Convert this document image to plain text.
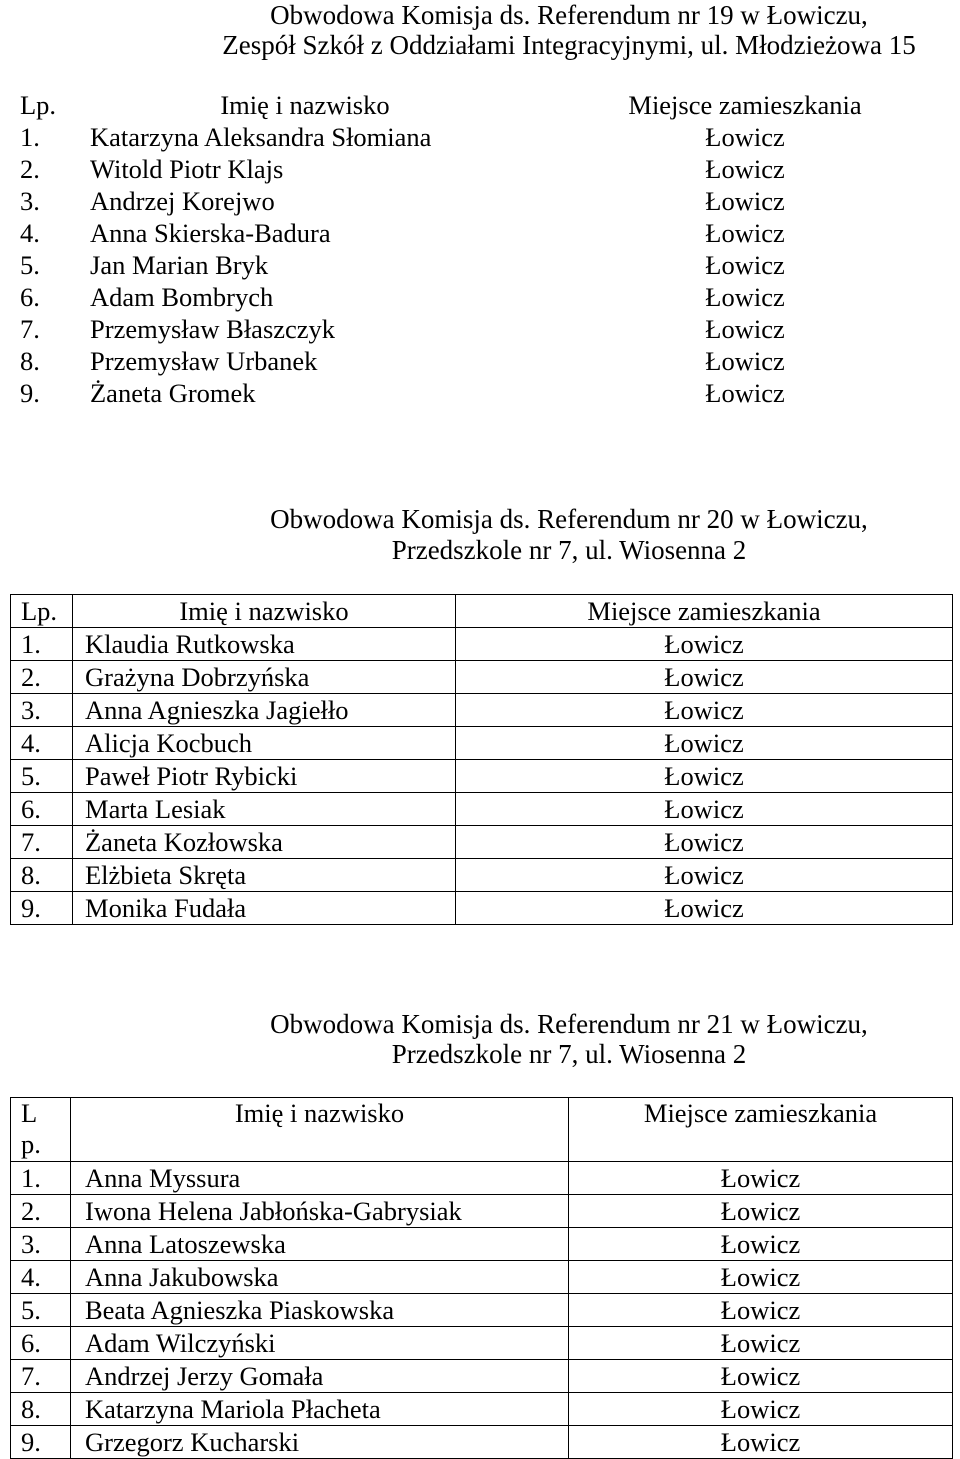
Obwodowa Komisja ds. Referendum nr 19 w Łowiczu,
Zespół Szkół z Oddziałami Integracyjnymi, ul. Młodzieżowa 15
Lp.	Imię i nazwisko	Miejsce zamieszkania
1.	Katarzyna Aleksandra Słomiana	Łowicz
2.	Witold Piotr Klajs	Łowicz
3.	Andrzej Korejwo	Łowicz
4.	Anna Skierska-Badura	Łowicz
5.	Jan Marian Bryk	Łowicz
6.	Adam Bombrych	Łowicz
7.	Przemysław Błaszczyk	Łowicz
8.	Przemysław Urbanek	Łowicz
9.	Żaneta Gromek	Łowicz
Obwodowa Komisja ds. Referendum nr 20 w Łowiczu,
Przedszkole nr 7, ul. Wiosenna 2
Lp.	Imię i nazwisko	Miejsce zamieszkania
1.	Klaudia Rutkowska	Łowicz
2.	Grażyna Dobrzyńska	Łowicz
3.	Anna Agnieszka Jagiełło	Łowicz
4.	Alicja Kocbuch	Łowicz
5.	Paweł Piotr Rybicki	Łowicz
6.	Marta Lesiak	Łowicz
7.	Żaneta Kozłowska	Łowicz
8.	Elżbieta Skręta	Łowicz
9.	Monika Fudała	Łowicz
Obwodowa Komisja ds. Referendum nr 21 w Łowiczu,
Przedszkole nr 7, ul. Wiosenna 2
Lp.	Imię i nazwisko	Miejsce zamieszkania
1.	Anna Myssura	Łowicz
2.	Iwona Helena Jabłońska-Gabrysiak	Łowicz
3.	Anna Latoszewska	Łowicz
4.	Anna Jakubowska	Łowicz
5.	Beata Agnieszka Piaskowska	Łowicz
6.	Adam Wilczyński	Łowicz
7.	Andrzej Jerzy Gomała	Łowicz
8.	Katarzyna Mariola Płacheta	Łowicz
9.	Grzegorz Kucharski	Łowicz
